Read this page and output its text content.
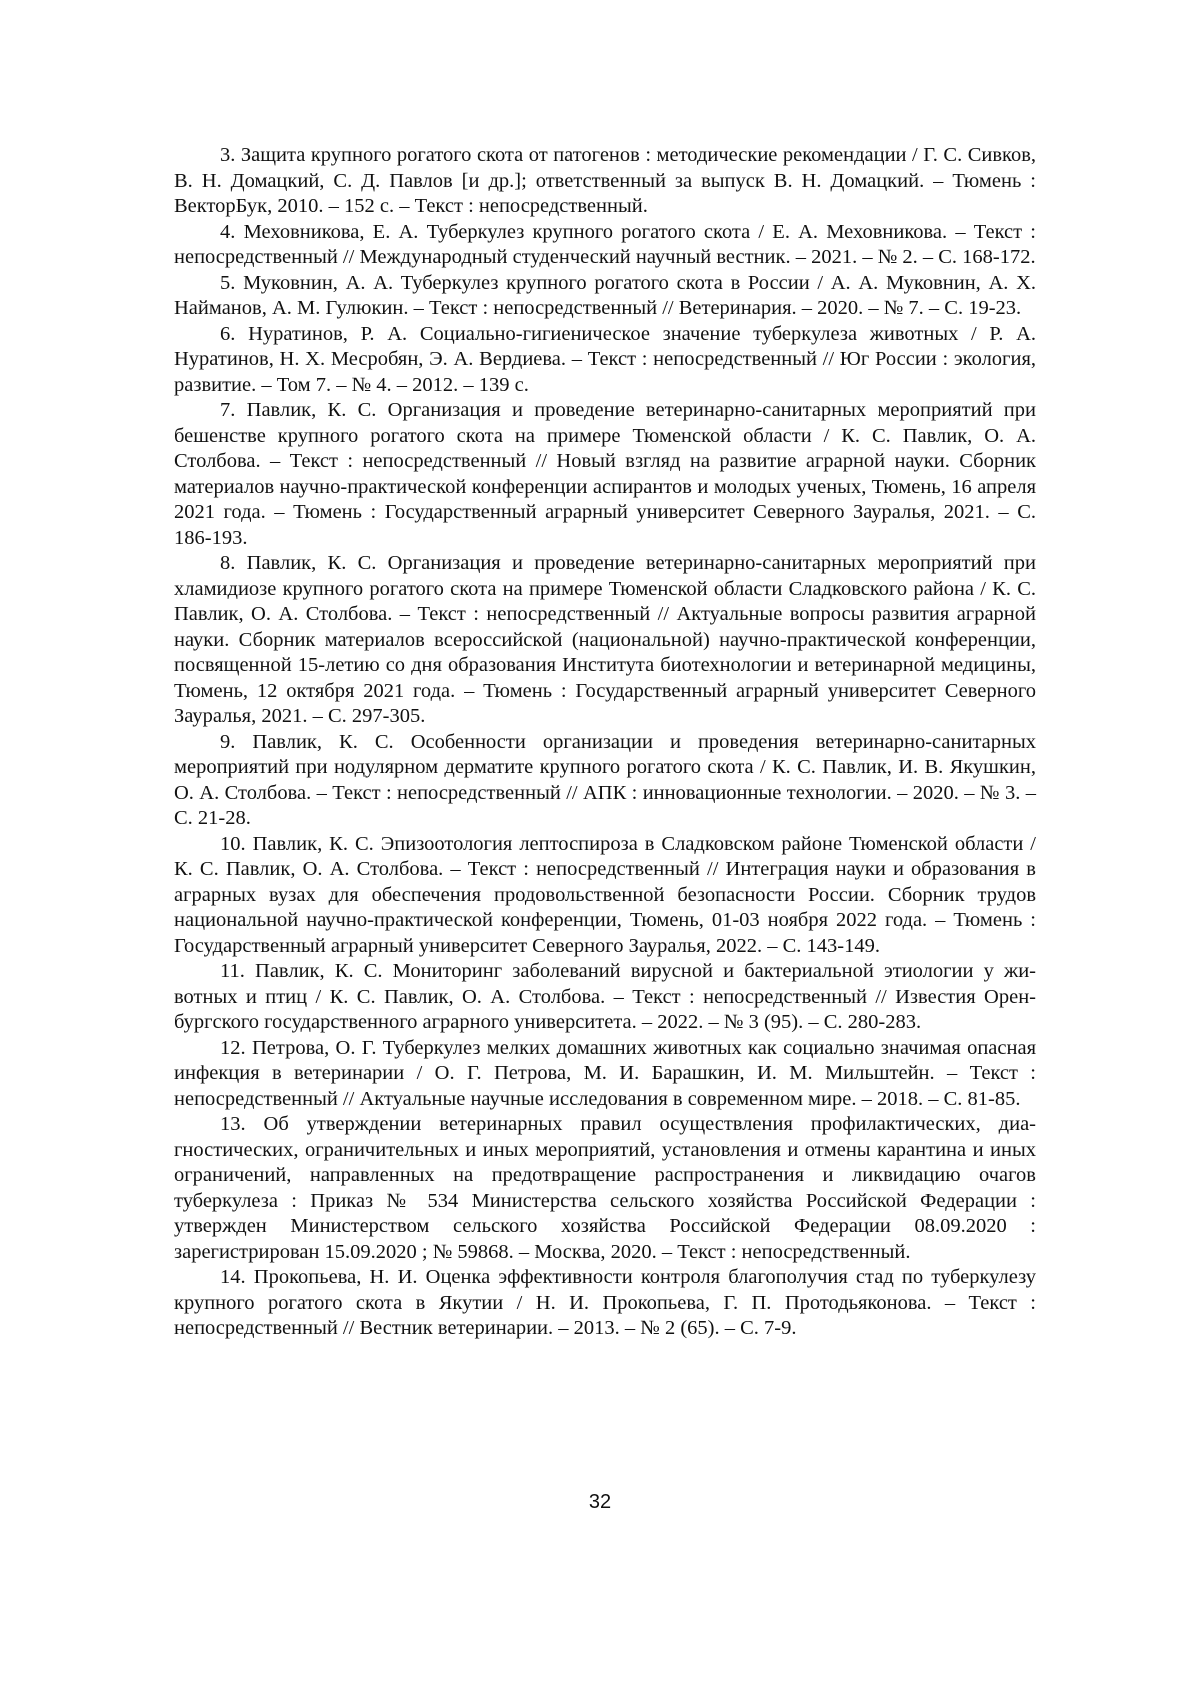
3. Защита крупного рогатого скота от патогенов : методические рекомендации / Г. С. Сивков, В. Н. Домацкий, С. Д. Павлов [и др.]; ответственный за выпуск В. Н. Домацкий. – Тюмень : ВекторБук, 2010. – 152 с. – Текст : непосредственный.

4. Меховникова, Е. А. Туберкулез крупного рогатого скота / Е. А. Меховникова. – Текст : непосредственный // Международный студенческий научный вестник. – 2021. – № 2. – С. 168-172.

5. Муковнин, А. А. Туберкулез крупного рогатого скота в России / А. А. Муковнин, А. Х. Найманов, А. М. Гулюкин. – Текст : непосредственный // Ветеринария. – 2020. – № 7. – С. 19-23.

6. Нуратинов, Р. А. Социально-гигиеническое значение туберкулеза животных / Р. А. Нуратинов, Н. Х. Месробян, Э. А. Вердиева. – Текст : непосредственный // Юг России : экология, развитие. – Том 7. – № 4. – 2012. – 139 с.

7. Павлик, К. С. Организация и проведение ветеринарно-санитарных мероприятий при бешенстве крупного рогатого скота на примере Тюменской области / К. С. Павлик, О. А. Столбова. – Текст : непосредственный // Новый взгляд на развитие аграрной науки. Сборник материалов научно-практической конференции аспирантов и молодых ученых, Тюмень, 16 апреля 2021 года. – Тюмень : Государственный аграрный университет Северного Зауралья, 2021. – С. 186-193.

8. Павлик, К. С. Организация и проведение ветеринарно-санитарных мероприятий при хламидиозе крупного рогатого скота на примере Тюменской области Сладковского района / К. С. Павлик, О. А. Столбова. – Текст : непосредственный // Актуальные вопросы развития аграрной науки. Сборник материалов всероссийской (национальной) научно-практической конференции, посвященной 15-летию со дня образования Института биотехнологии и ветеринарной медицины, Тюмень, 12 октября 2021 года. – Тюмень : Государственный аграрный университет Северного Зауралья, 2021. – С. 297-305.

9. Павлик, К. С. Особенности организации и проведения ветеринарно-санитарных мероприятий при нодулярном дерматите крупного рогатого скота / К. С. Павлик, И. В. Якушкин, О. А. Столбова. – Текст : непосредственный // АПК : инновационные технологии. – 2020. – № 3. – С. 21-28.

10. Павлик, К. С. Эпизоотология лептоспироза в Сладковском районе Тюменской области / К. С. Павлик, О. А. Столбова. – Текст : непосредственный // Интеграция науки и образования в аграрных вузах для обеспечения продовольственной безопасности России. Сборник трудов национальной научно-практической конференции, Тюмень, 01-03 ноября 2022 года. – Тюмень : Государственный аграрный университет Северного Зауралья, 2022. – С. 143-149.

11. Павлик, К. С. Мониторинг заболеваний вирусной и бактериальной этиологии у животных и птиц / К. С. Павлик, О. А. Столбова. – Текст : непосредственный // Известия Оренбургского государственного аграрного университета. – 2022. – № 3 (95). – С. 280-283.

12. Петрова, О. Г. Туберкулез мелких домашних животных как социально значимая опасная инфекция в ветеринарии / О. Г. Петрова, М. И. Барашкин, И. М. Мильштейн. – Текст : непосредственный // Актуальные научные исследования в современном мире. – 2018. – С. 81-85.

13. Об утверждении ветеринарных правил осуществления профилактических, диагностических, ограничительных и иных мероприятий, установления и отмены карантина и иных ограничений, направленных на предотвращение распространения и ликвидацию очагов туберкулеза : Приказ № 534 Министерства сельского хозяйства Российской Федерации : утвержден Министерством сельского хозяйства Российской Федерации 08.09.2020 : зарегистрирован 15.09.2020 ; № 59868. – Москва, 2020. – Текст : непосредственный.

14. Прокопьева, Н. И. Оценка эффективности контроля благополучия стад по туберкулезу крупного рогатого скота в Якутии / Н. И. Прокопьева, Г. П. Протодьяконова. – Текст : непосредственный // Вестник ветеринарии. – 2013. – № 2 (65). – С. 7-9.

32
